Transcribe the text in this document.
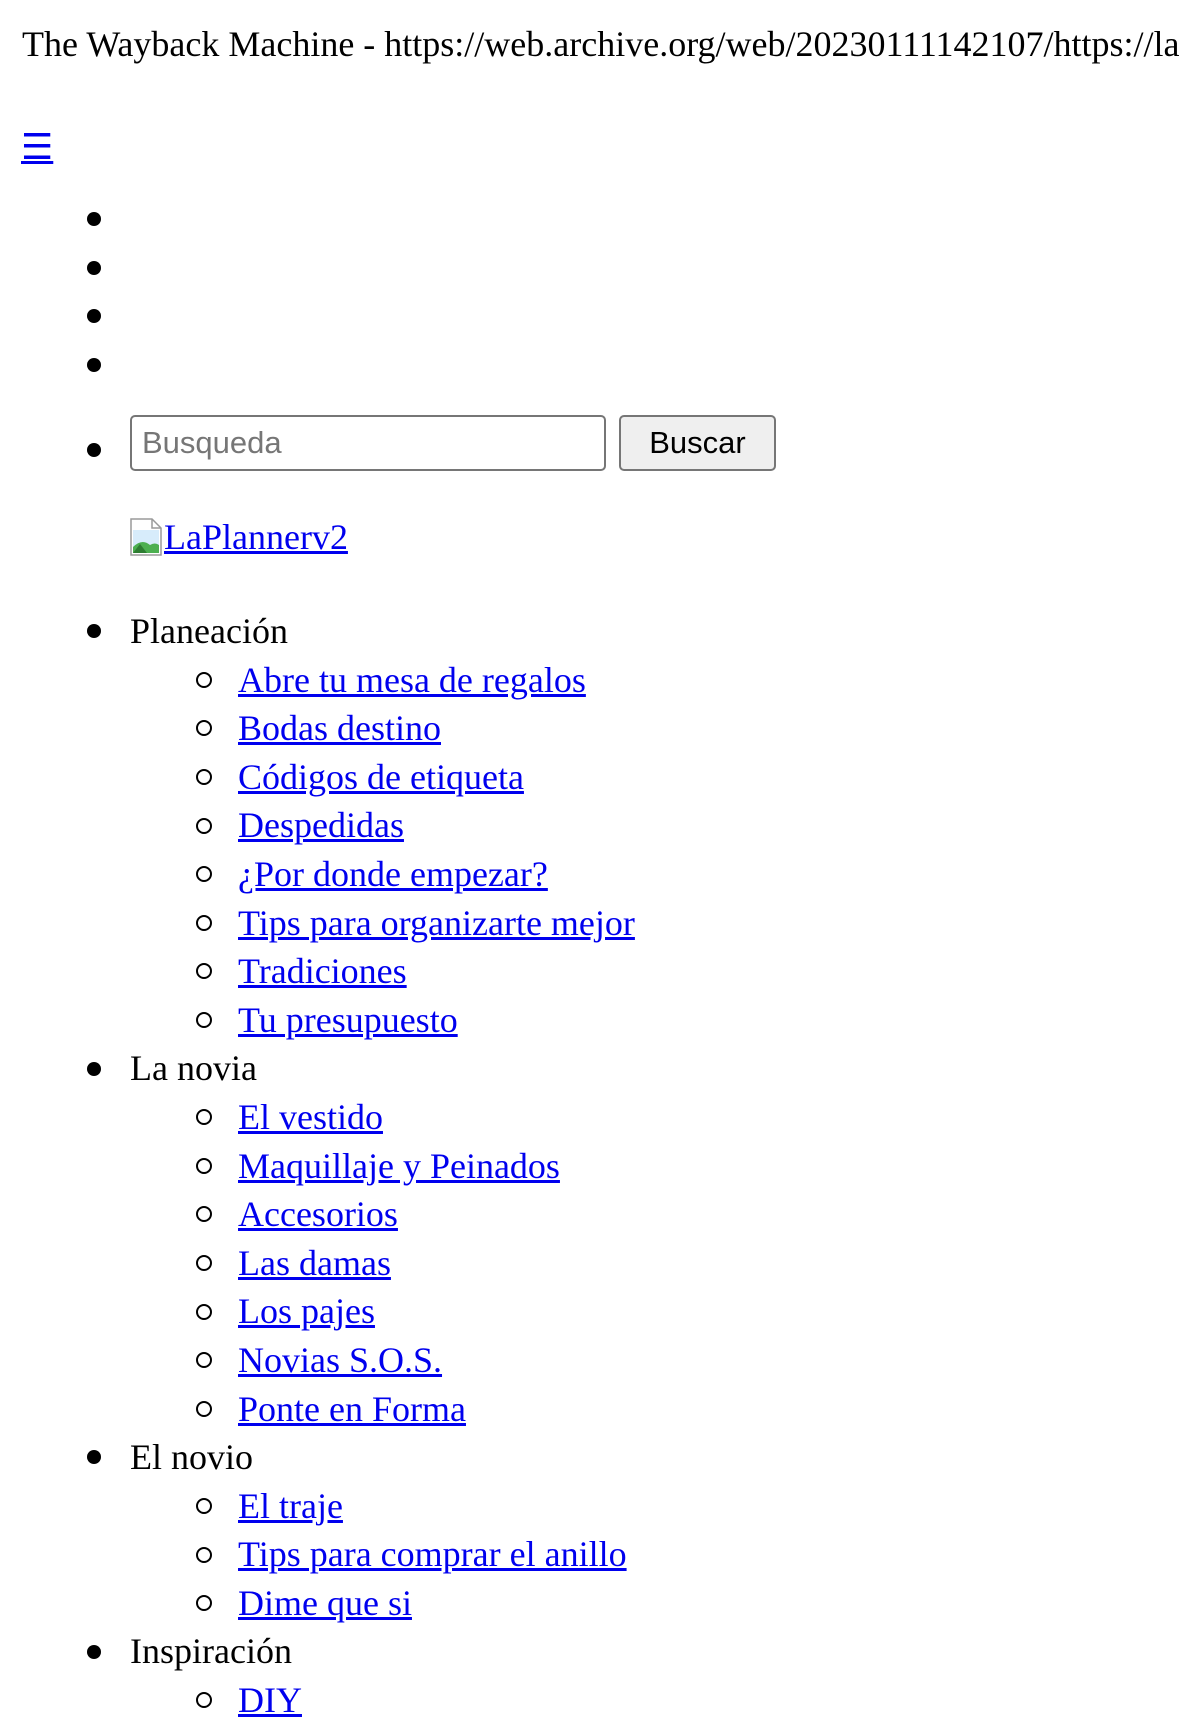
The Wayback Machine - https://web.archive.org/web/20230111142107/https://la
☰
Busqueda
Buscar
LaPlannerv2
Planeación
Abre tu mesa de regalos
Bodas destino
Códigos de etiqueta
Despedidas
¿Por donde empezar?
Tips para organizarte mejor
Tradiciones
Tu presupuesto
La novia
El vestido
Maquillaje y Peinados
Accesorios
Las damas
Los pajes
Novias S.O.S.
Ponte en Forma
El novio
El traje
Tips para comprar el anillo
Dime que si
Inspiración
DIY
